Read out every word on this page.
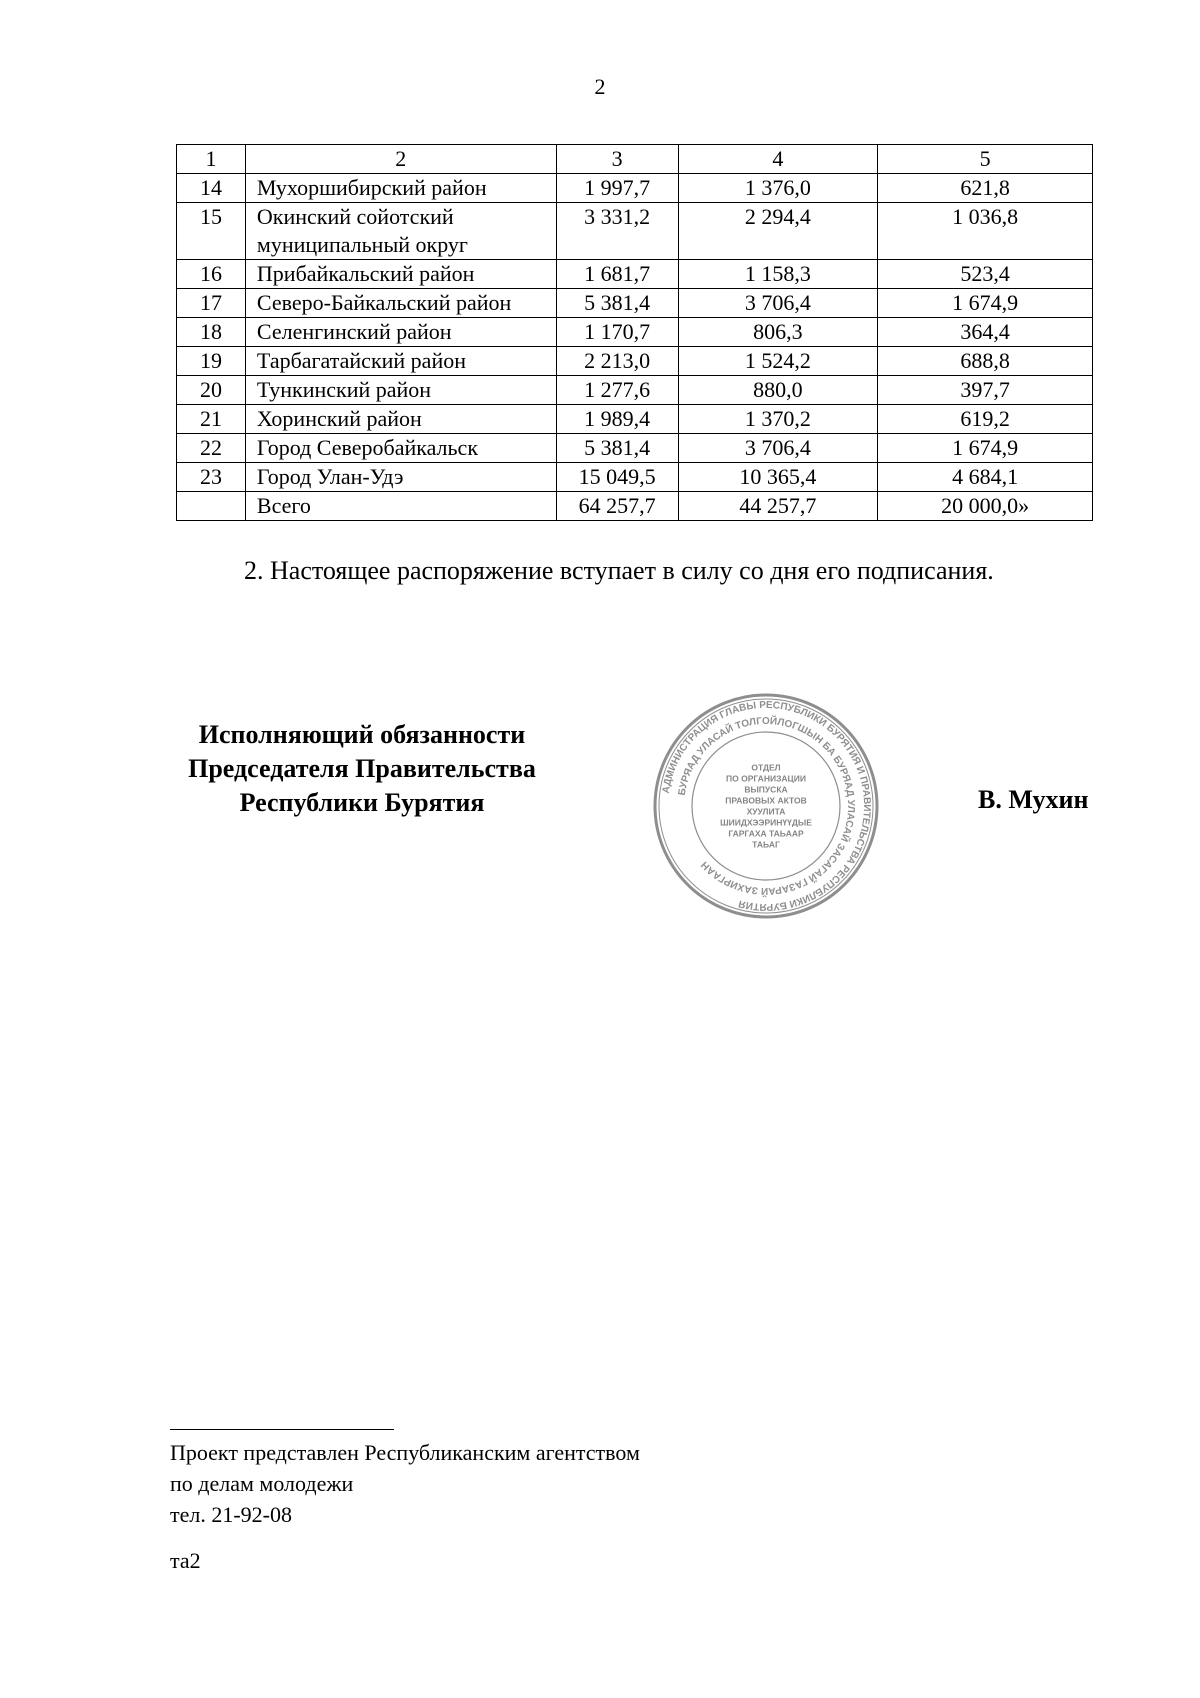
2
1	2	3	4	5
14	Мухоршибирский район	1 997,7	1 376,0	621,8
15	Окинский сойотский муниципальный округ	3 331,2	2 294,4	1 036,8
16	Прибайкальский район	1 681,7	1 158,3	523,4
17	Северо-Байкальский район	5 381,4	3 706,4	1 674,9
18	Селенгинский район	1 170,7	806,3	364,4
19	Тарбагатайский район	2 213,0	1 524,2	688,8
20	Тункинский район	1 277,6	880,0	397,7
21	Хоринский район	1 989,4	1 370,2	619,2
22	Город Северобайкальск	5 381,4	3 706,4	1 674,9
23	Город Улан-Удэ	15 049,5	10 365,4	4 684,1
	Всего	64 257,7	44 257,7	20 000,0»
2. Настоящее распоряжение вступает в силу со дня его подписания.
Исполняющий обязанности
Председателя Правительства
Республики Бурятия	АДМИНИСТРАЦИЯ ГЛАВЫ РЕСПУБЛИКИ БУРЯТИЯ И ПРАВИТЕЛЬСТВА РЕСПУБЛИКИ БУРЯТИЯ
БУРЯАД УЛАСАЙ ТОЛГОЙЛОГШЫН БА БУРЯАД УЛАСАЙ ЗАСАГАЙ ГАЗАРАЙ ЗАХИРГААН
ОТДЕЛ
ПО ОРГАНИЗАЦИИ
ВЫПУСКА
ПРАВОВЫХ АКТОВ
ХУУЛИТА
ШИИДХЭЭРИНҮҮДЫЕ
ГАРГАХА ТАЬААР
ТАЬАГ
В. Мухин
Проект представлен Республиканским агентством
по делам молодежи
тел. 21-92-08
та2
